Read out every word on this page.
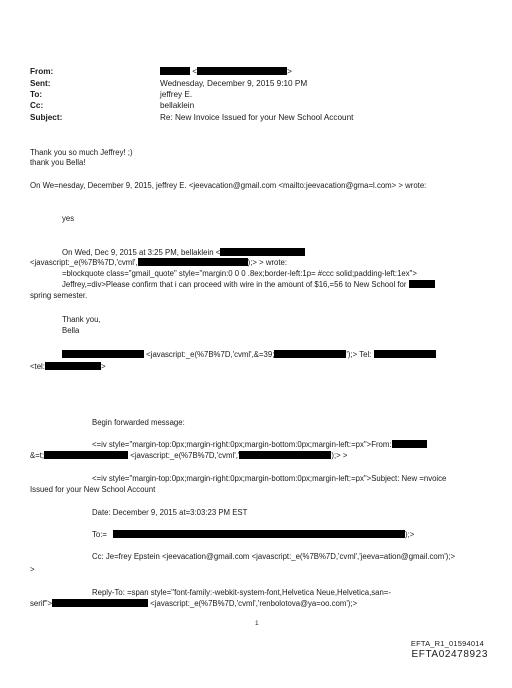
From:	<	>
Sent:	Wednesday, December 9, 2015 9:10 PM
To:	jeffrey E.
Cc:	bellaklein
Subject:	Re: New Invoice Issued for your New School Account
Thank you so much Jeffrey! ;)
thank you Bella!
On We=nesday, December 9, 2015, jeffrey E. <jeevacation@gmail.com <mailto:jeevacation@gma=l.com> > wrote:
yes
On Wed, Dec 9, 2015 at 3:25 PM, bellaklein <
<javascript:_e(%7B%7D,'cvml',	);> > wrote:
=blockquote class="gmail_quote" style="margin:0 0 0 .8ex;border-left:1p= #ccc solid;padding-left:1ex">
Jeffrey,=div>Please confirm that i can proceed with wire in the amount of $16,=56 to New School for
spring semester.
Thank you,
Bella
<javascript:_e(%7B%7D,'cvml',&=39;	');> Tel:
<tel:	>
Begin forwarded message:
<=iv style="margin-top:0px;margin-right:0px;margin-bottom:0px;margin-left:=px">From:
&=t;	<javascript:_e(%7B%7D,'cvml','	);> >
<=iv style="margin-top:0px;margin-right:0px;margin-bottom:0px;margin-left:=px">Subject: New =nvoice
Issued for your New School Account
Date: December 9, 2015 at=3:03:23 PM EST
To:=	);>
Cc: Je=frey Epstein <jeevacation@gmail.com <javascript:_e(%7B%7D,'cvml','jeeva=ation@gmail.com');>
>
Reply-To: =span style="font-family:-webkit-system-font,Helvetica Neue,Helvetica,san=-
serif">	<javascript:_e(%7B%7D,'cvml','renbolotova@ya=oo.com');>
1
EFTA_R1_01594014
EFTA02478923
